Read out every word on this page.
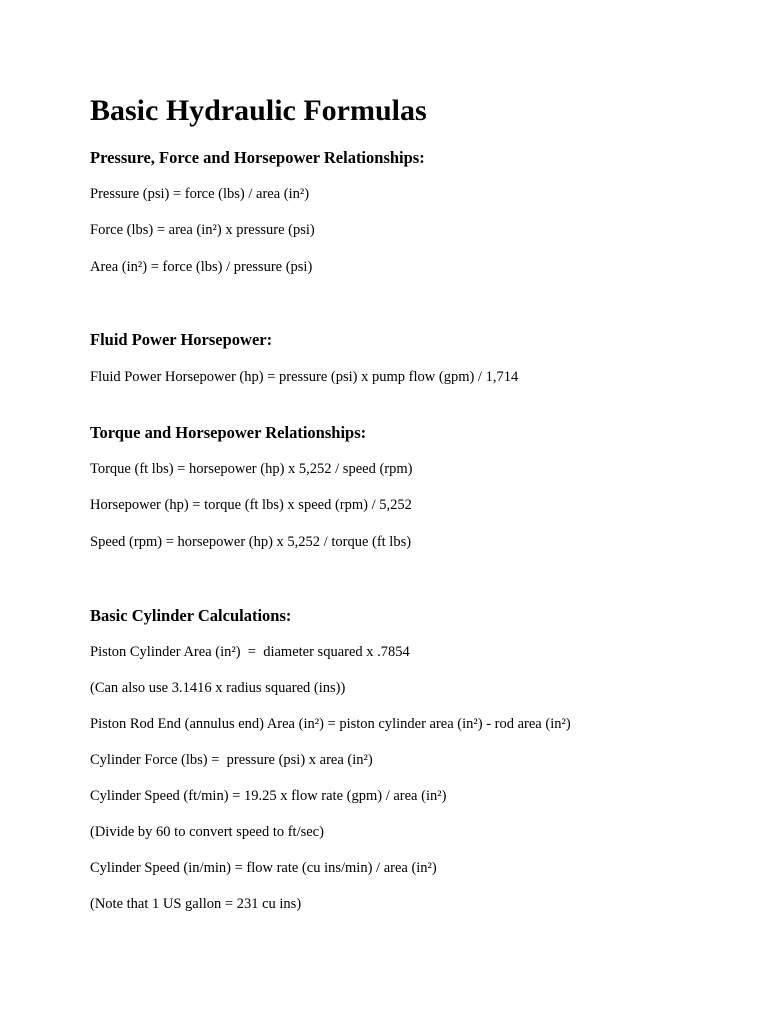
Basic Hydraulic Formulas
Pressure, Force and Horsepower Relationships:

Pressure (psi) = force (lbs) / area (in²)

Force (lbs) = area (in²) x pressure (psi)

Area (in²) = force (lbs) / pressure (psi)

Fluid Power Horsepower:

Fluid Power Horsepower (hp) = pressure (psi) x pump flow (gpm) / 1,714

Torque and Horsepower Relationships:

Torque (ft lbs) = horsepower (hp) x 5,252 / speed (rpm)

Horsepower (hp) = torque (ft lbs) x speed (rpm) / 5,252

Speed (rpm) = horsepower (hp) x 5,252 / torque (ft lbs)

Basic Cylinder Calculations:

Piston Cylinder Area (in²)  =  diameter squared x .7854

(Can also use 3.1416 x radius squared (ins))

Piston Rod End (annulus end) Area (in²) = piston cylinder area (in²) - rod area (in²)

Cylinder Force (lbs) =  pressure (psi) x area (in²)

Cylinder Speed (ft/min) = 19.25 x flow rate (gpm) / area (in²)

(Divide by 60 to convert speed to ft/sec)

Cylinder Speed (in/min) = flow rate (cu ins/min) / area (in²)

(Note that 1 US gallon = 231 cu ins)
